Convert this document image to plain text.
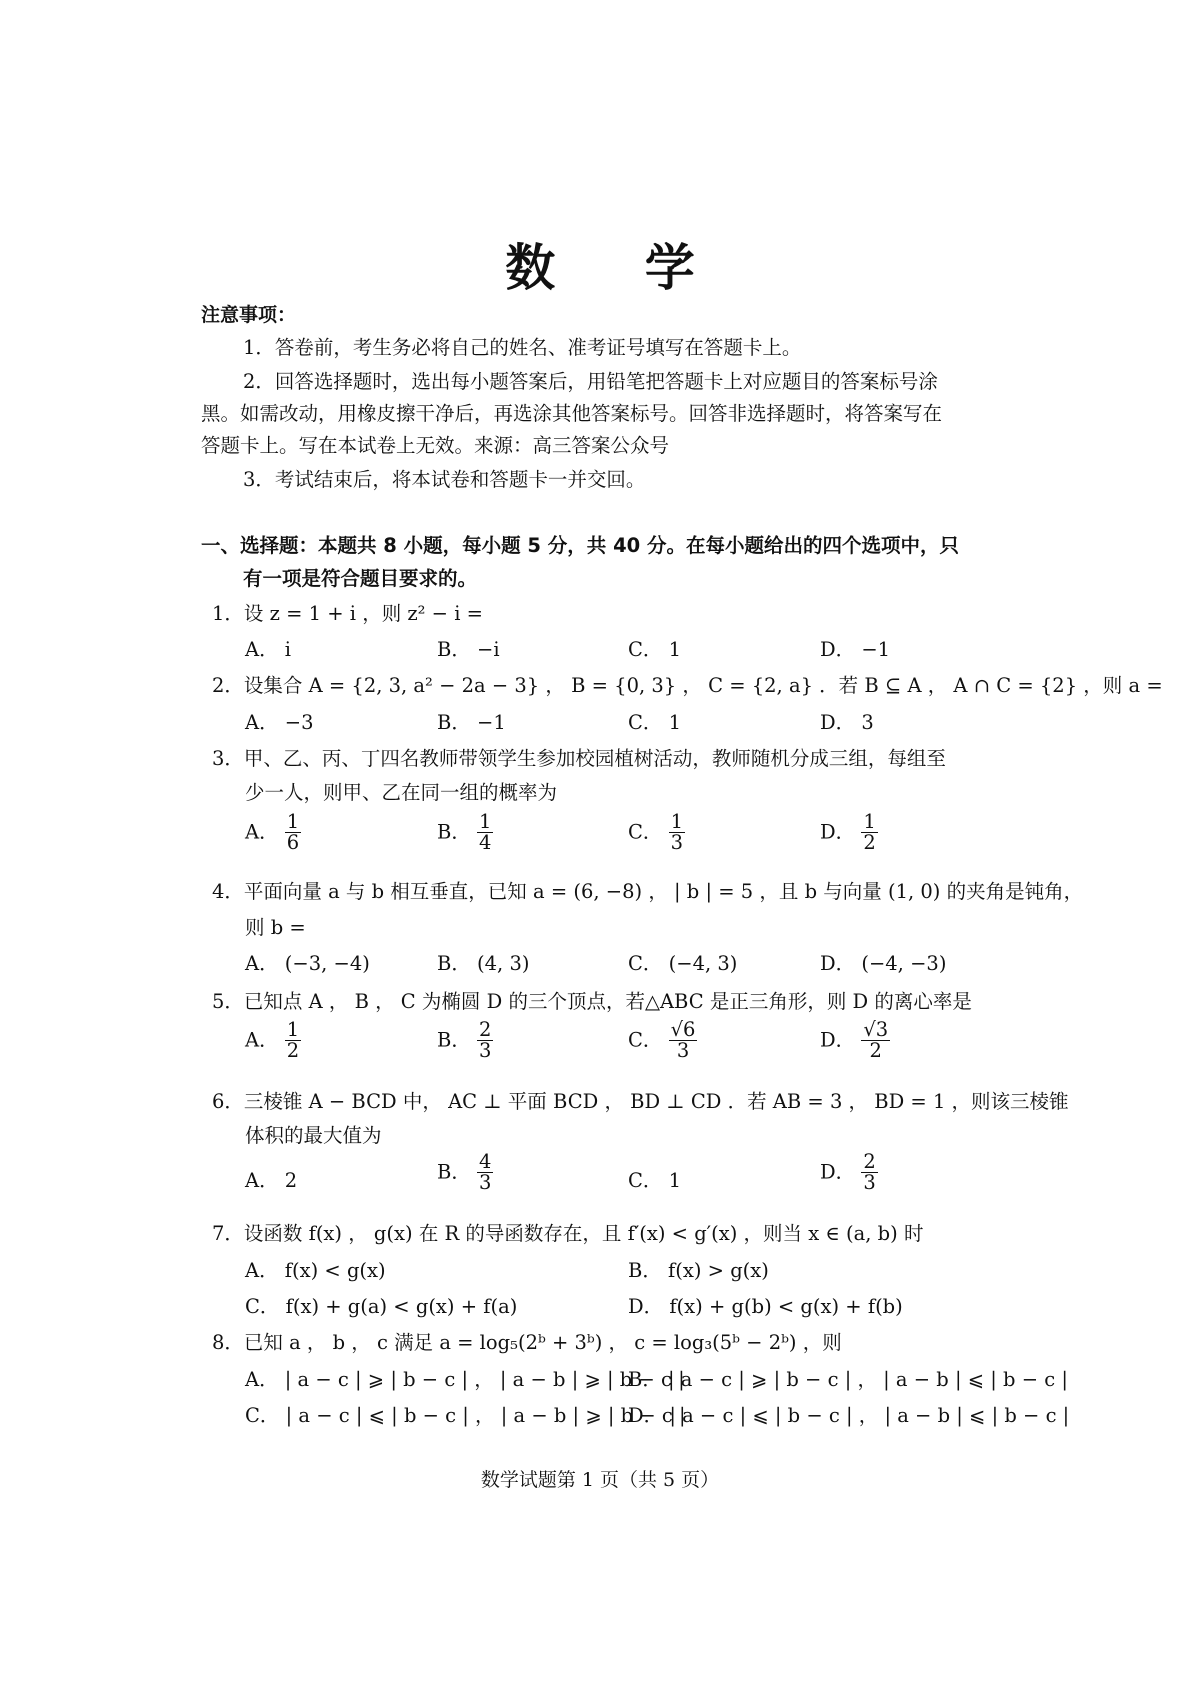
数 学
注意事项：
1．答卷前，考生务必将自己的姓名、准考证号填写在答题卡上。
2．回答选择题时，选出每小题答案后，用铅笔把答题卡上对应题目的答案标号涂
黑。如需改动，用橡皮擦干净后，再选涂其他答案标号。回答非选择题时，将答案写在
答题卡上。写在本试卷上无效。来源：高三答案公众号
3．考试结束后，将本试卷和答题卡一并交回。
一、选择题：本题共 8 小题，每小题 5 分，共 40 分。在每小题给出的四个选项中，只
有一项是符合题目要求的。
1．设 z = 1 + i ，则 z² − i =
A． i	B． −i	C． 1	D． −1
2．设集合 A = {2, 3, a² − 2a − 3} ， B = {0, 3} ， C = {2, a} ．若 B ⊆ A ， A ∩ C = {2} ，则 a =
A． −3	B． −1	C． 1	D． 3
3．甲、乙、丙、丁四名教师带领学生参加校园植树活动，教师随机分成三组，每组至
少一人，则甲、乙在同一组的概率为
A． $\frac{1}{6}$	B． $\frac{1}{4}$	C． $\frac{1}{3}$	D． $\frac{1}{2}$
4．平面向量 a 与 b 相互垂直，已知 a = (6, −8) ， | b | = 5 ，且 b 与向量 (1, 0) 的夹角是钝角，
则 b =
A． (−3, −4)	B． (4, 3)	C． (−4, 3)	D． (−4, −3)
5．已知点 A ， B ， C 为椭圆 D 的三个顶点，若△ABC 是正三角形，则 D 的离心率是
A． $\frac{1}{2}$	B． $\frac{2}{3}$	C． $\frac{√6}{3}$	D． $\frac{√3}{2}$
6．三棱锥 A − BCD 中， AC ⊥ 平面 BCD ， BD ⊥ CD ．若 AB = 3 ， BD = 1 ，则该三棱锥
体积的最大值为
A． 2	B． $\frac{4}{3}$	C． 1	D． $\frac{2}{3}$
7．设函数 f(x) ， g(x) 在 R 的导函数存在，且 f′(x) < g′(x) ，则当 x ∈ (a, b) 时
A． f(x) < g(x)	B． f(x) > g(x)
C． f(x) + g(a) < g(x) + f(a)	D． f(x) + g(b) < g(x) + f(b)
8．已知 a ， b ， c 满足 a = log₅(2ᵇ + 3ᵇ) ， c = log₃(5ᵇ − 2ᵇ) ，则
A． | a − c | ⩾ | b − c | ， | a − b | ⩾ | b − c |
B． | a − c | ⩾ | b − c | ， | a − b | ⩽ | b − c |
C． | a − c | ⩽ | b − c | ， | a − b | ⩾ | b − c |
D． | a − c | ⩽ | b − c | ， | a − b | ⩽ | b − c |
数学试题第 1 页（共 5 页）
